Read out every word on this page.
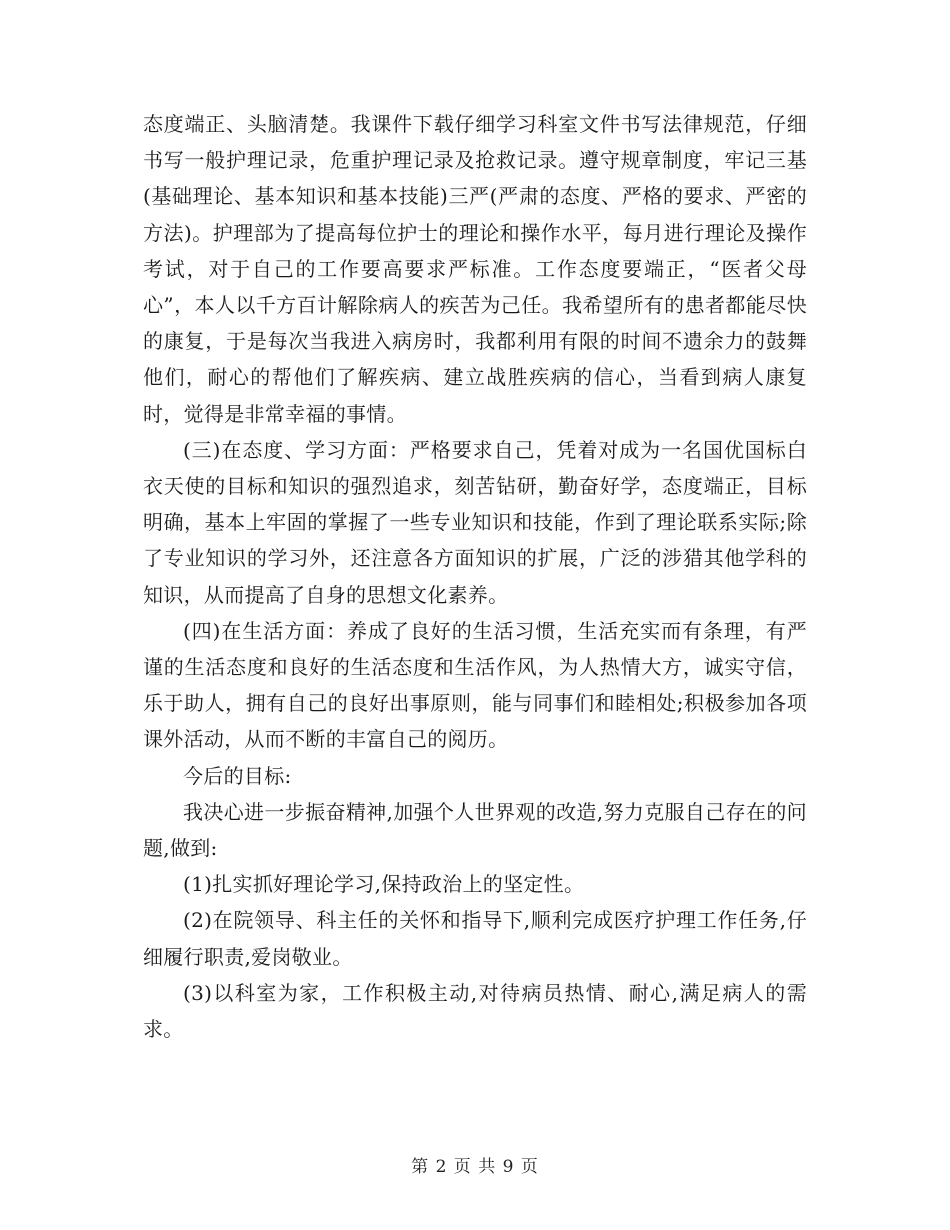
态度端正、头脑清楚。我课件下载仔细学习科室文件书写法律规范，仔细书写一般护理记录，危重护理记录及抢救记录。遵守规章制度，牢记三基(基础理论、基本知识和基本技能)三严(严肃的态度、严格的要求、严密的方法)。护理部为了提高每位护士的理论和操作水平，每月进行理论及操作考试，对于自己的工作要高要求严标准。工作态度要端正，“医者父母心”，本人以千方百计解除病人的疾苦为己任。我希望所有的患者都能尽快的康复，于是每次当我进入病房时，我都利用有限的时间不遗余力的鼓舞他们，耐心的帮他们了解疾病、建立战胜疾病的信心，当看到病人康复时，觉得是非常幸福的事情。

(三)在态度、学习方面：严格要求自己，凭着对成为一名国优国标白衣天使的目标和知识的强烈追求，刻苦钻研，勤奋好学，态度端正，目标明确，基本上牢固的掌握了一些专业知识和技能，作到了理论联系实际;除了专业知识的学习外，还注意各方面知识的扩展，广泛的涉猎其他学科的知识，从而提高了自身的思想文化素养。

(四)在生活方面：养成了良好的生活习惯，生活充实而有条理，有严谨的生活态度和良好的生活态度和生活作风，为人热情大方，诚实守信，乐于助人，拥有自己的良好出事原则，能与同事们和睦相处;积极参加各项课外活动，从而不断的丰富自己的阅历。

今后的目标:

我决心进一步振奋精神,加强个人世界观的改造,努力克服自己存在的问题,做到:

(1)扎实抓好理论学习,保持政治上的坚定性。

(2)在院领导、科主任的关怀和指导下,顺利完成医疗护理工作任务,仔细履行职责,爱岗敬业。

(3)以科室为家，工作积极主动,对待病员热情、耐心,满足病人的需求。

第 2 页 共 9 页
